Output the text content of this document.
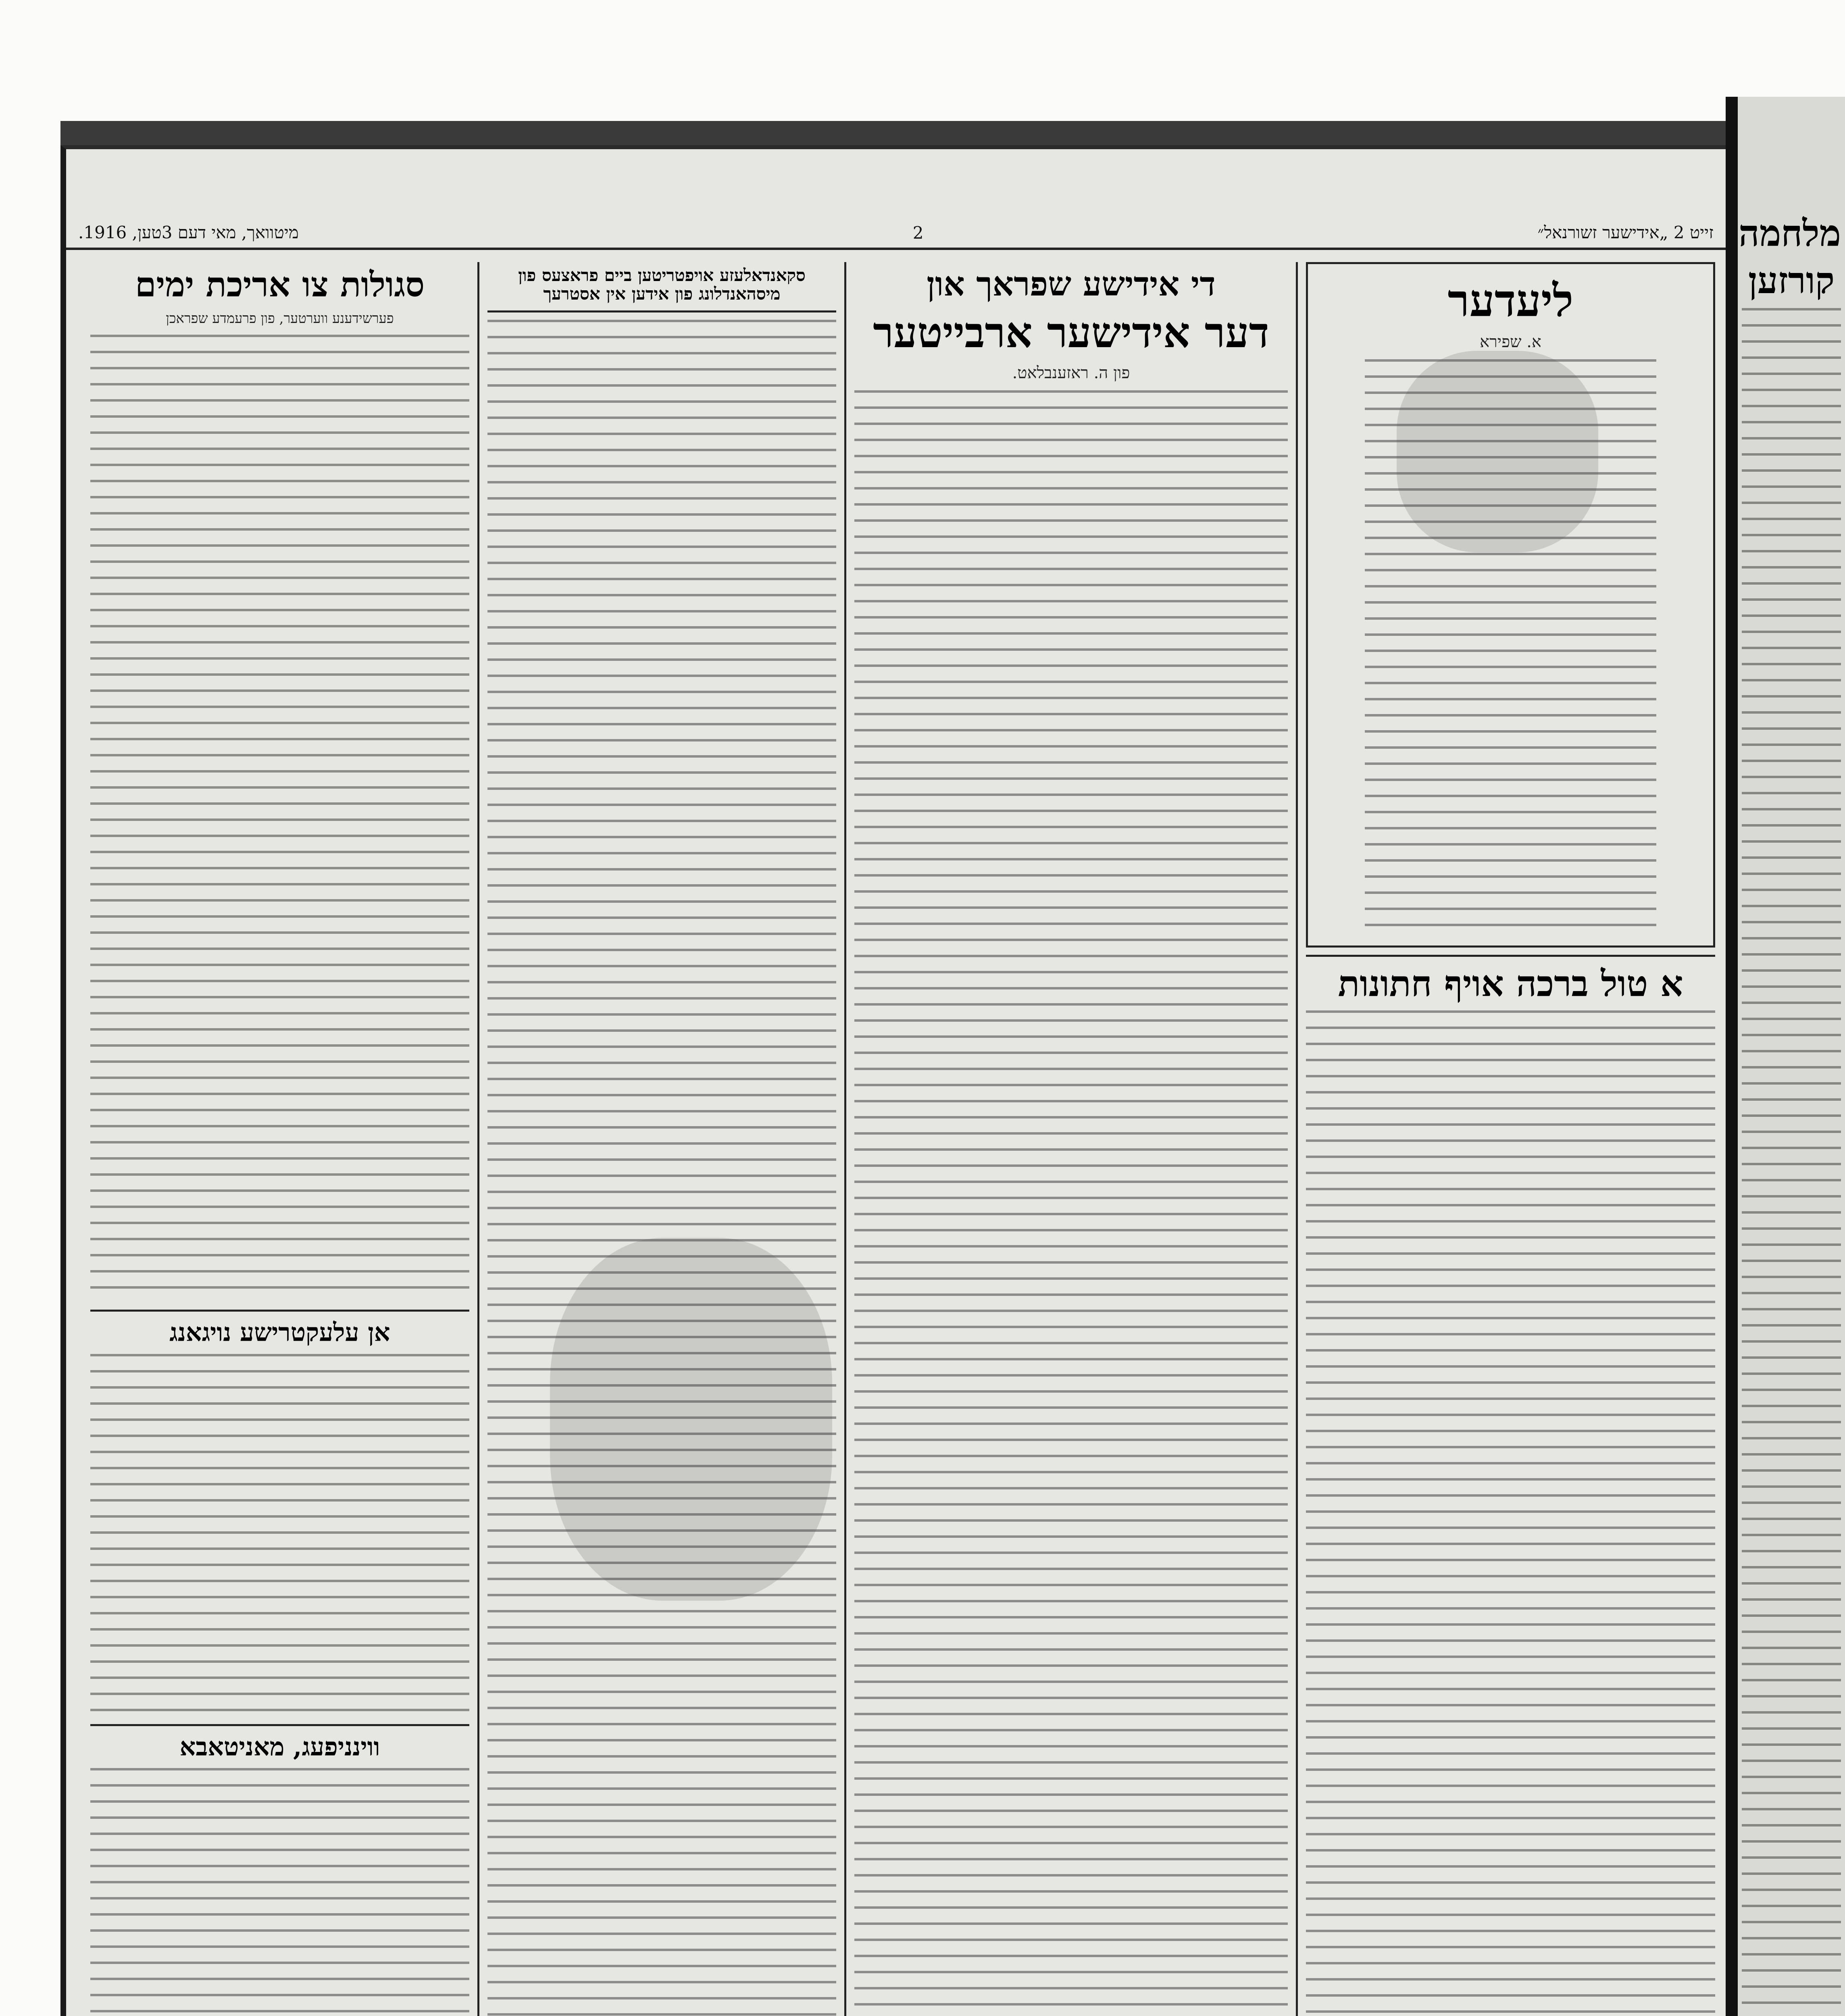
זייט 2 „אידישער זשורנאל״
2
מיטוואך, מאי דעם 3טען, 1916.
ליעדער
א. שפירא
א טול ברכה אויף חתונות
די אידישע שפראך און
דער אידישער ארבייטער
פון ה. ראזענבלאט.
סקאנדאלעזע אויפטריטען ביים פראצעס פון מיסהאנדלונג פון אידען אין אסטרעך
סגולות צו אריכת ימים
פערשידענע ווערטער, פון פרעמדע שפראכן
אן עלעקטרישע נויגאנג
ווינניפעג, מאניטאבא
מלחמה
קורזען
